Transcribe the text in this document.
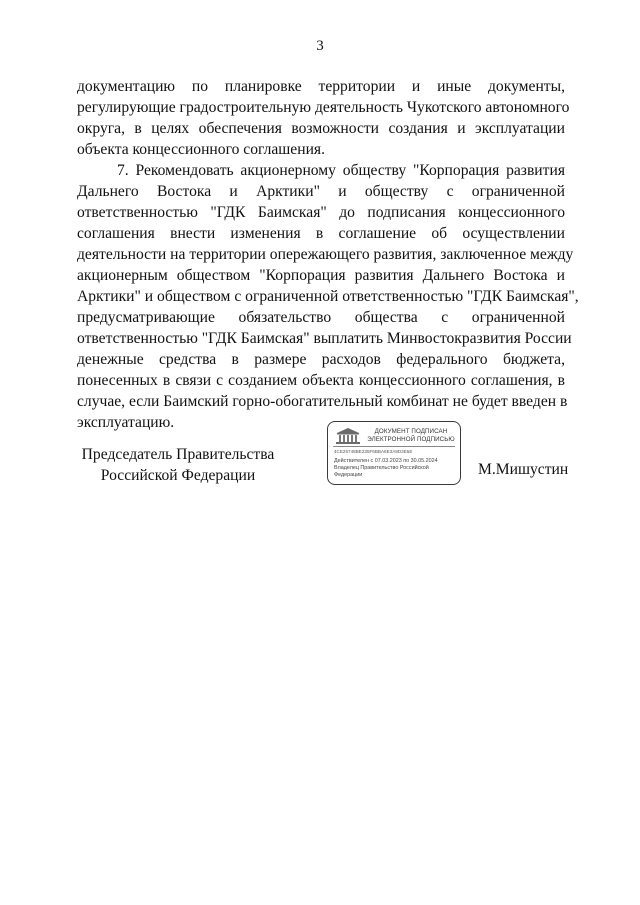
3
документацию по планировке территории и иные документы,
регулирующие градостроительную деятельность Чукотского автономного
округа, в целях обеспечения возможности создания и эксплуатации
объекта концессионного соглашения.
7. Рекомендовать акционерному обществу "Корпорация развития
Дальнего Востока и Арктики" и обществу с ограниченной
ответственностью "ГДК Баимская" до подписания концессионного
соглашения внести изменения в соглашение об осуществлении
деятельности на территории опережающего развития, заключенное между
акционерным обществом "Корпорация развития Дальнего Востока и
Арктики" и обществом с ограниченной ответственностью "ГДК Баимская",
предусматривающие обязательство общества с ограниченной
ответственностью "ГДК Баимская" выплатить Минвостокразвития России
денежные средства в размере расходов федерального бюджета,
понесенных в связи с созданием объекта концессионного соглашения, в
случае, если Баимский горно-обогатительный комбинат не будет введен в
эксплуатацию.
Председатель Правительства
Российской Федерации
ДОКУМЕНТ ПОДПИСАН
ЭЛЕКТРОННОЙ ПОДПИСЬЮ
4CE25748BE235F6BBA8E3A9D3E5E
Действителен с 07.03.2023 по 30.05.2024
Владелец Правительство Российской Федерации	М.Мишустин
